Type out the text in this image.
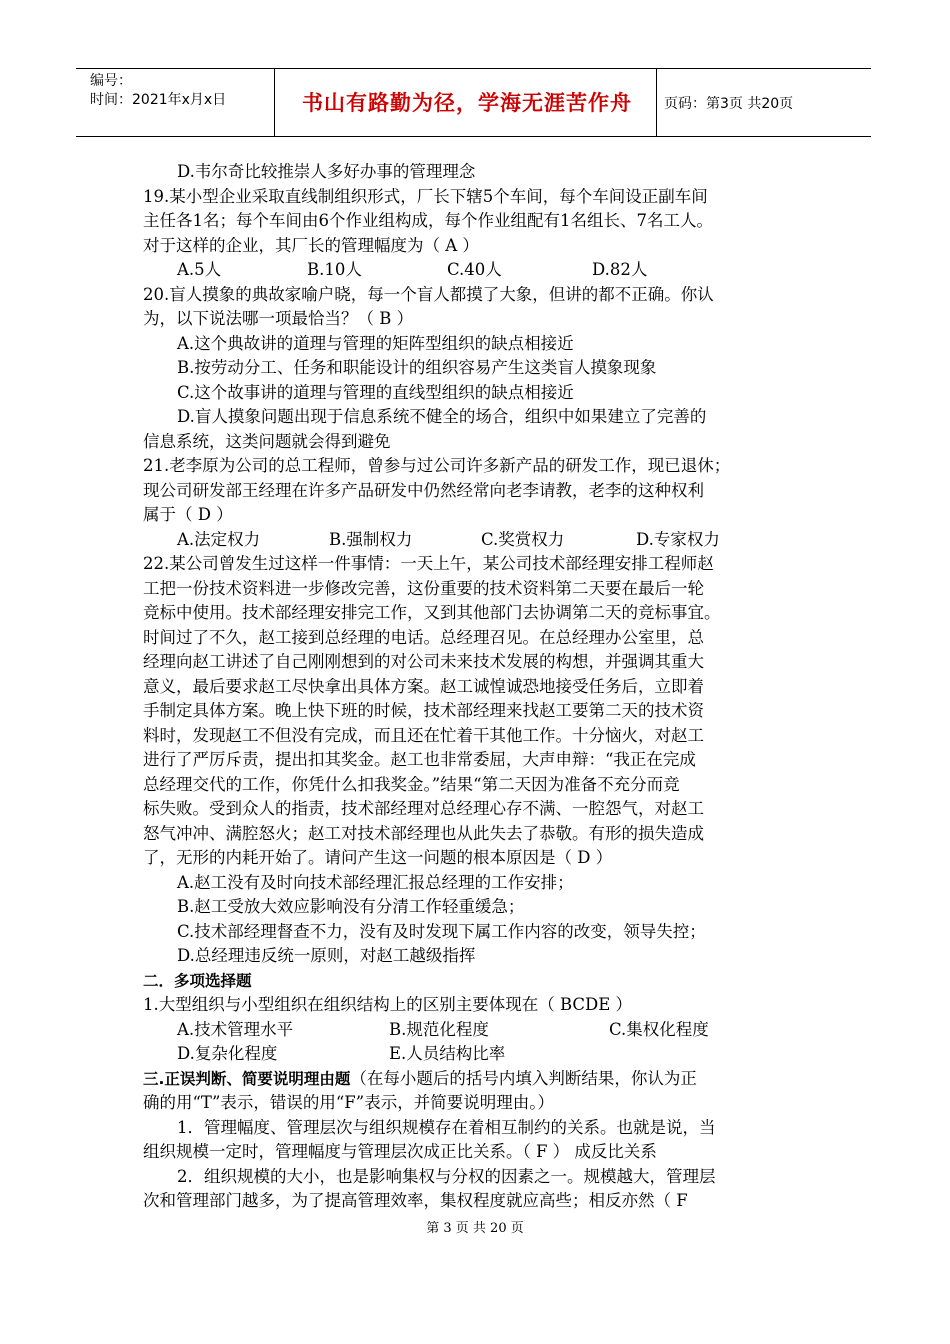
编号：
时间：2021年x月x日	书山有路勤为径，学海无涯苦作舟	页码：第3页 共20页

D.韦尔奇比较推崇人多好办事的管理理念

19.某小型企业采取直线制组织形式，厂长下辖5个车间，每个车间设正副车间

主任各1名；每个车间由6个作业组构成，每个作业组配有1名组长、7名工人。

对于这样的企业，其厂长的管理幅度为（ A ）

A.5人	B.10人	C.40人	D.82人

20.盲人摸象的典故家喻户晓，每一个盲人都摸了大象，但讲的都不正确。你认

为，以下说法哪一项最恰当？（ B ）

A.这个典故讲的道理与管理的矩阵型组织的缺点相接近

B.按劳动分工、任务和职能设计的组织容易产生这类盲人摸象现象

C.这个故事讲的道理与管理的直线型组织的缺点相接近

D.盲人摸象问题出现于信息系统不健全的场合，组织中如果建立了完善的

信息系统，这类问题就会得到避免

21.老李原为公司的总工程师，曾参与过公司许多新产品的研发工作，现已退休；

现公司研发部王经理在许多产品研发中仍然经常向老李请教，老李的这种权利

属于（ D ）

A.法定权力	B.强制权力	C.奖赏权力	D.专家权力

22.某公司曾发生过这样一件事情：一天上午，某公司技术部经理安排工程师赵

工把一份技术资料进一步修改完善，这份重要的技术资料第二天要在最后一轮

竞标中使用。技术部经理安排完工作，又到其他部门去协调第二天的竞标事宜。

时间过了不久，赵工接到总经理的电话。总经理召见。在总经理办公室里，总

经理向赵工讲述了自己刚刚想到的对公司未来技术发展的构想，并强调其重大

意义，最后要求赵工尽快拿出具体方案。赵工诚惶诚恐地接受任务后，立即着

手制定具体方案。晚上快下班的时候，技术部经理来找赵工要第二天的技术资

料时，发现赵工不但没有完成，而且还在忙着干其他工作。十分恼火，对赵工

进行了严厉斥责，提出扣其奖金。赵工也非常委屈，大声申辩：“我正在完成

总经理交代的工作，你凭什么扣我奖金。”结果“第二天因为准备不充分而竞

标失败。受到众人的指责，技术部经理对总经理心存不满、一腔怨气，对赵工

怒气冲冲、满腔怒火；赵工对技术部经理也从此失去了恭敬。有形的损失造成

了，无形的内耗开始了。请问产生这一问题的根本原因是（ D ）

A.赵工没有及时向技术部经理汇报总经理的工作安排；

B.赵工受放大效应影响没有分清工作轻重缓急；

C.技术部经理督查不力，没有及时发现下属工作内容的改变，领导失控；

D.总经理违反统一原则，对赵工越级指挥

二．多项选择题

1.大型组织与小型组织在组织结构上的区别主要体现在（ BCDE ）

A.技术管理水平	B.规范化程度	C.集权化程度
D.复杂化程度	E.人员结构比率

三.正误判断、简要说明理由题（在每小题后的括号内填入判断结果，你认为正

确的用“T”表示，错误的用“F”表示，并简要说明理由。）

1．管理幅度、管理层次与组织规模存在着相互制约的关系。也就是说，当

组织规模一定时，管理幅度与管理层次成正比关系。（ F ） 成反比关系

2．组织规模的大小，也是影响集权与分权的因素之一。规模越大，管理层

次和管理部门越多，为了提高管理效率，集权程度就应高些；相反亦然（ F

第 3 页 共 20 页
